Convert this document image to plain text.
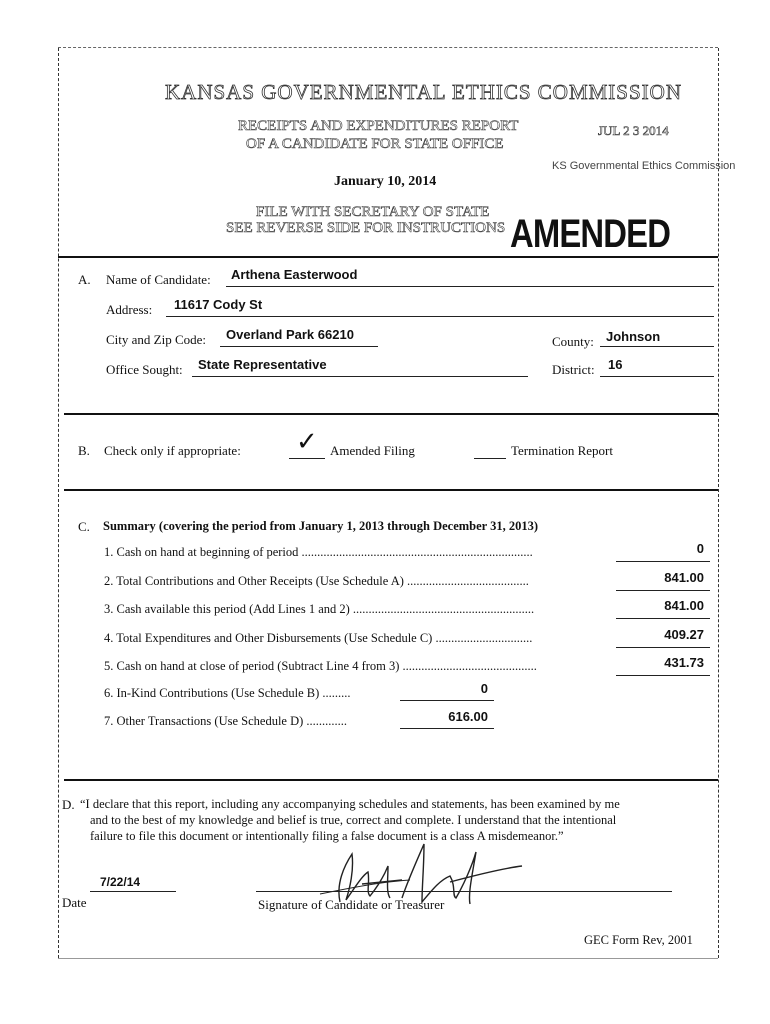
KANSAS GOVERNMENTAL ETHICS COMMISSION
RECEIPTS AND EXPENDITURES REPORT
OF A CANDIDATE FOR STATE OFFICE
JUL 2 3 2014
KS Governmental Ethics Commission
January 10, 2014
FILE WITH SECRETARY OF STATE
SEE REVERSE SIDE FOR INSTRUCTIONS AMENDED
A. Name of Candidate: Arthena Easterwood
Address: 11617 Cody St
City and Zip Code: Overland Park 66210	County: Johnson
Office Sought: State Representative	District: 16
B. Check only if appropriate: ✓ Amended Filing	Termination Report
C. Summary (covering the period from January 1, 2013 through December 31, 2013)
1. Cash on hand at beginning of period ..........................................................................	0
2. Total Contributions and Other Receipts (Use Schedule A) .......................................	841.00
3. Cash available this period (Add Lines 1 and 2) ..........................................................	841.00
4. Total Expenditures and Other Disbursements (Use Schedule C) ...............................	409.27
5. Cash on hand at close of period (Subtract Line 4 from 3) ...........................................	431.73
6. In-Kind Contributions (Use Schedule B) .........	0
7. Other Transactions (Use Schedule D) .............	616.00
D. “I declare that this report, including any accompanying schedules and statements, has been examined by me
and to the best of my knowledge and belief is true, correct and complete. I understand that the intentional
failure to file this document or intentionally filing a false document is a class A misdemeanor.”
7/22/14
Date	Signature of Candidate or Treasurer
GEC Form Rev, 2001
